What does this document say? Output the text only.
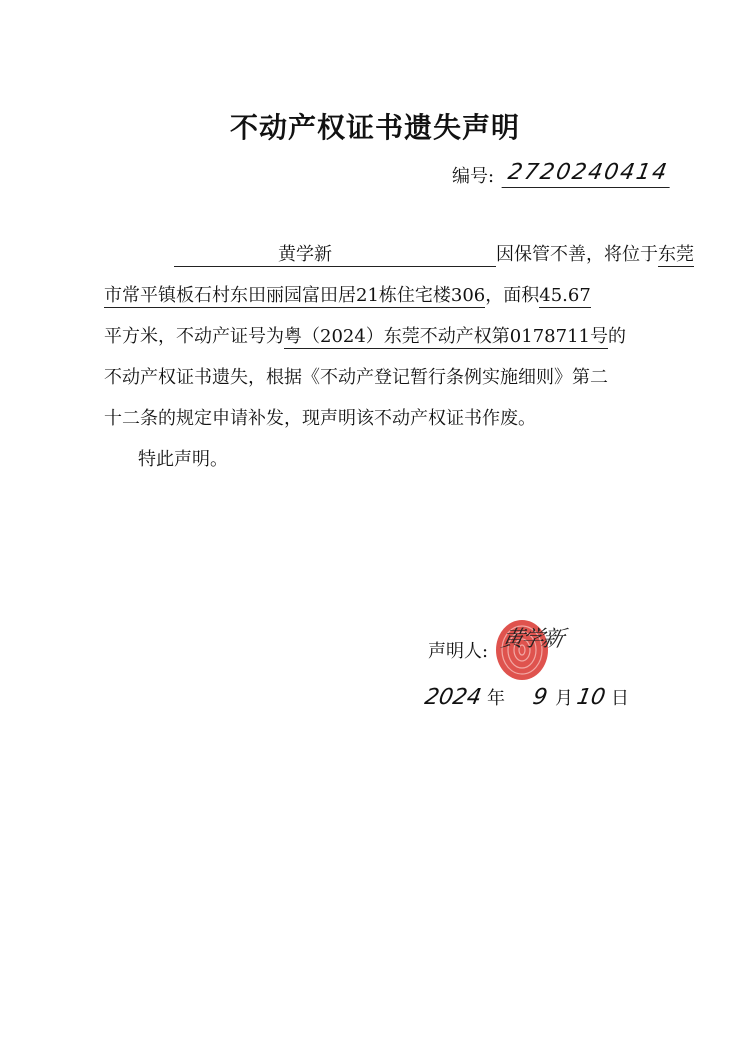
不动产权证书遗失声明
编号: 2720240414
黄学新	因保管不善，将位于东莞
市常平镇板石村东田丽园富田居21栋住宅楼306，面积45.67
平方米，不动产证号为粤（2024）东莞不动产权第0178711号的
不动产权证书遗失，根据《不动产登记暂行条例实施细则》第二
十二条的规定申请补发，现声明该不动产权证书作废。
特此声明。
声明人: 黄学新
2024 年 9 月 10 日
